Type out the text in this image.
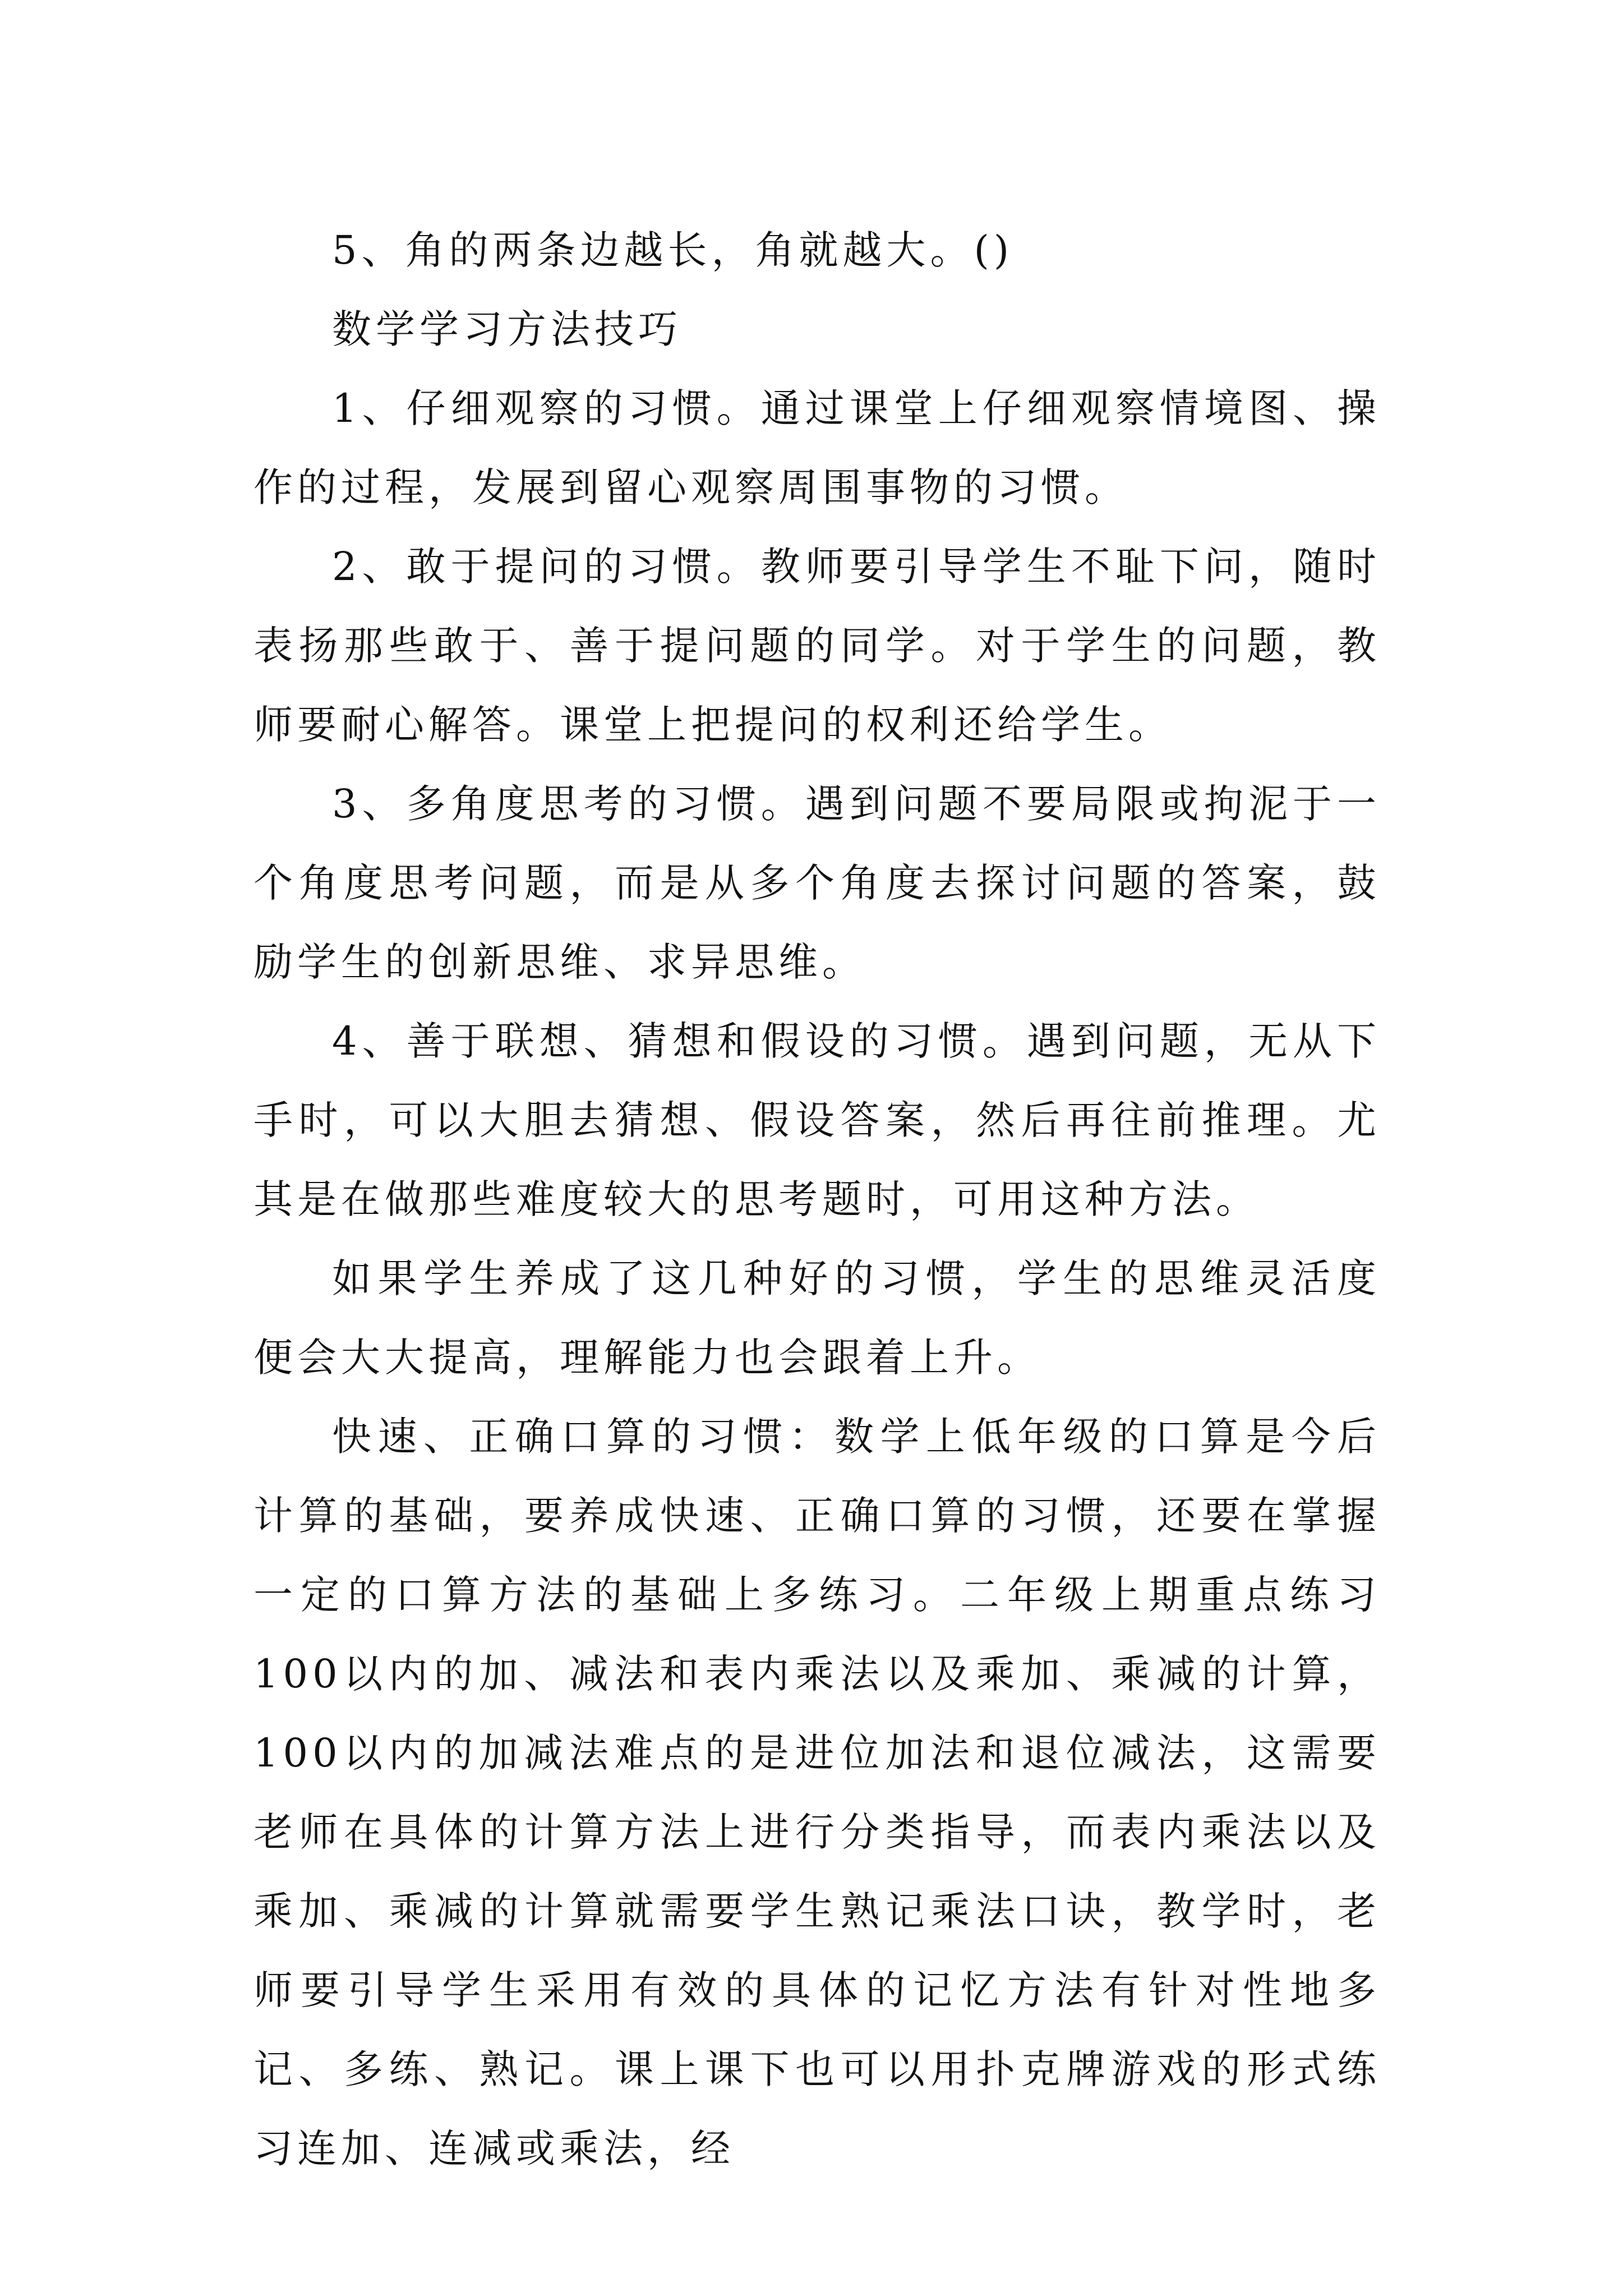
5、角的两条边越长，角就越大。()

数学学习方法技巧

1、仔细观察的习惯。通过课堂上仔细观察情境图、操作的过程，发展到留心观察周围事物的习惯。

2、敢于提问的习惯。教师要引导学生不耻下问，随时表扬那些敢于、善于提问题的同学。对于学生的问题，教师要耐心解答。课堂上把提问的权利还给学生。

3、多角度思考的习惯。遇到问题不要局限或拘泥于一个角度思考问题，而是从多个角度去探讨问题的答案，鼓励学生的创新思维、求异思维。

4、善于联想、猜想和假设的习惯。遇到问题，无从下手时，可以大胆去猜想、假设答案，然后再往前推理。尤其是在做那些难度较大的思考题时，可用这种方法。

如果学生养成了这几种好的习惯，学生的思维灵活度便会大大提高，理解能力也会跟着上升。

快速、正确口算的习惯：数学上低年级的口算是今后计算的基础，要养成快速、正确口算的习惯，还要在掌握一定的口算方法的基础上多练习。二年级上期重点练习100以内的加、减法和表内乘法以及乘加、乘减的计算，100以内的加减法难点的是进位加法和退位减法，这需要老师在具体的计算方法上进行分类指导，而表内乘法以及乘加、乘减的计算就需要学生熟记乘法口诀，教学时，老师要引导学生采用有效的具体的记忆方法有针对性地多记、多练、熟记。课上课下也可以用扑克牌游戏的形式练习连加、连减或乘法，经
